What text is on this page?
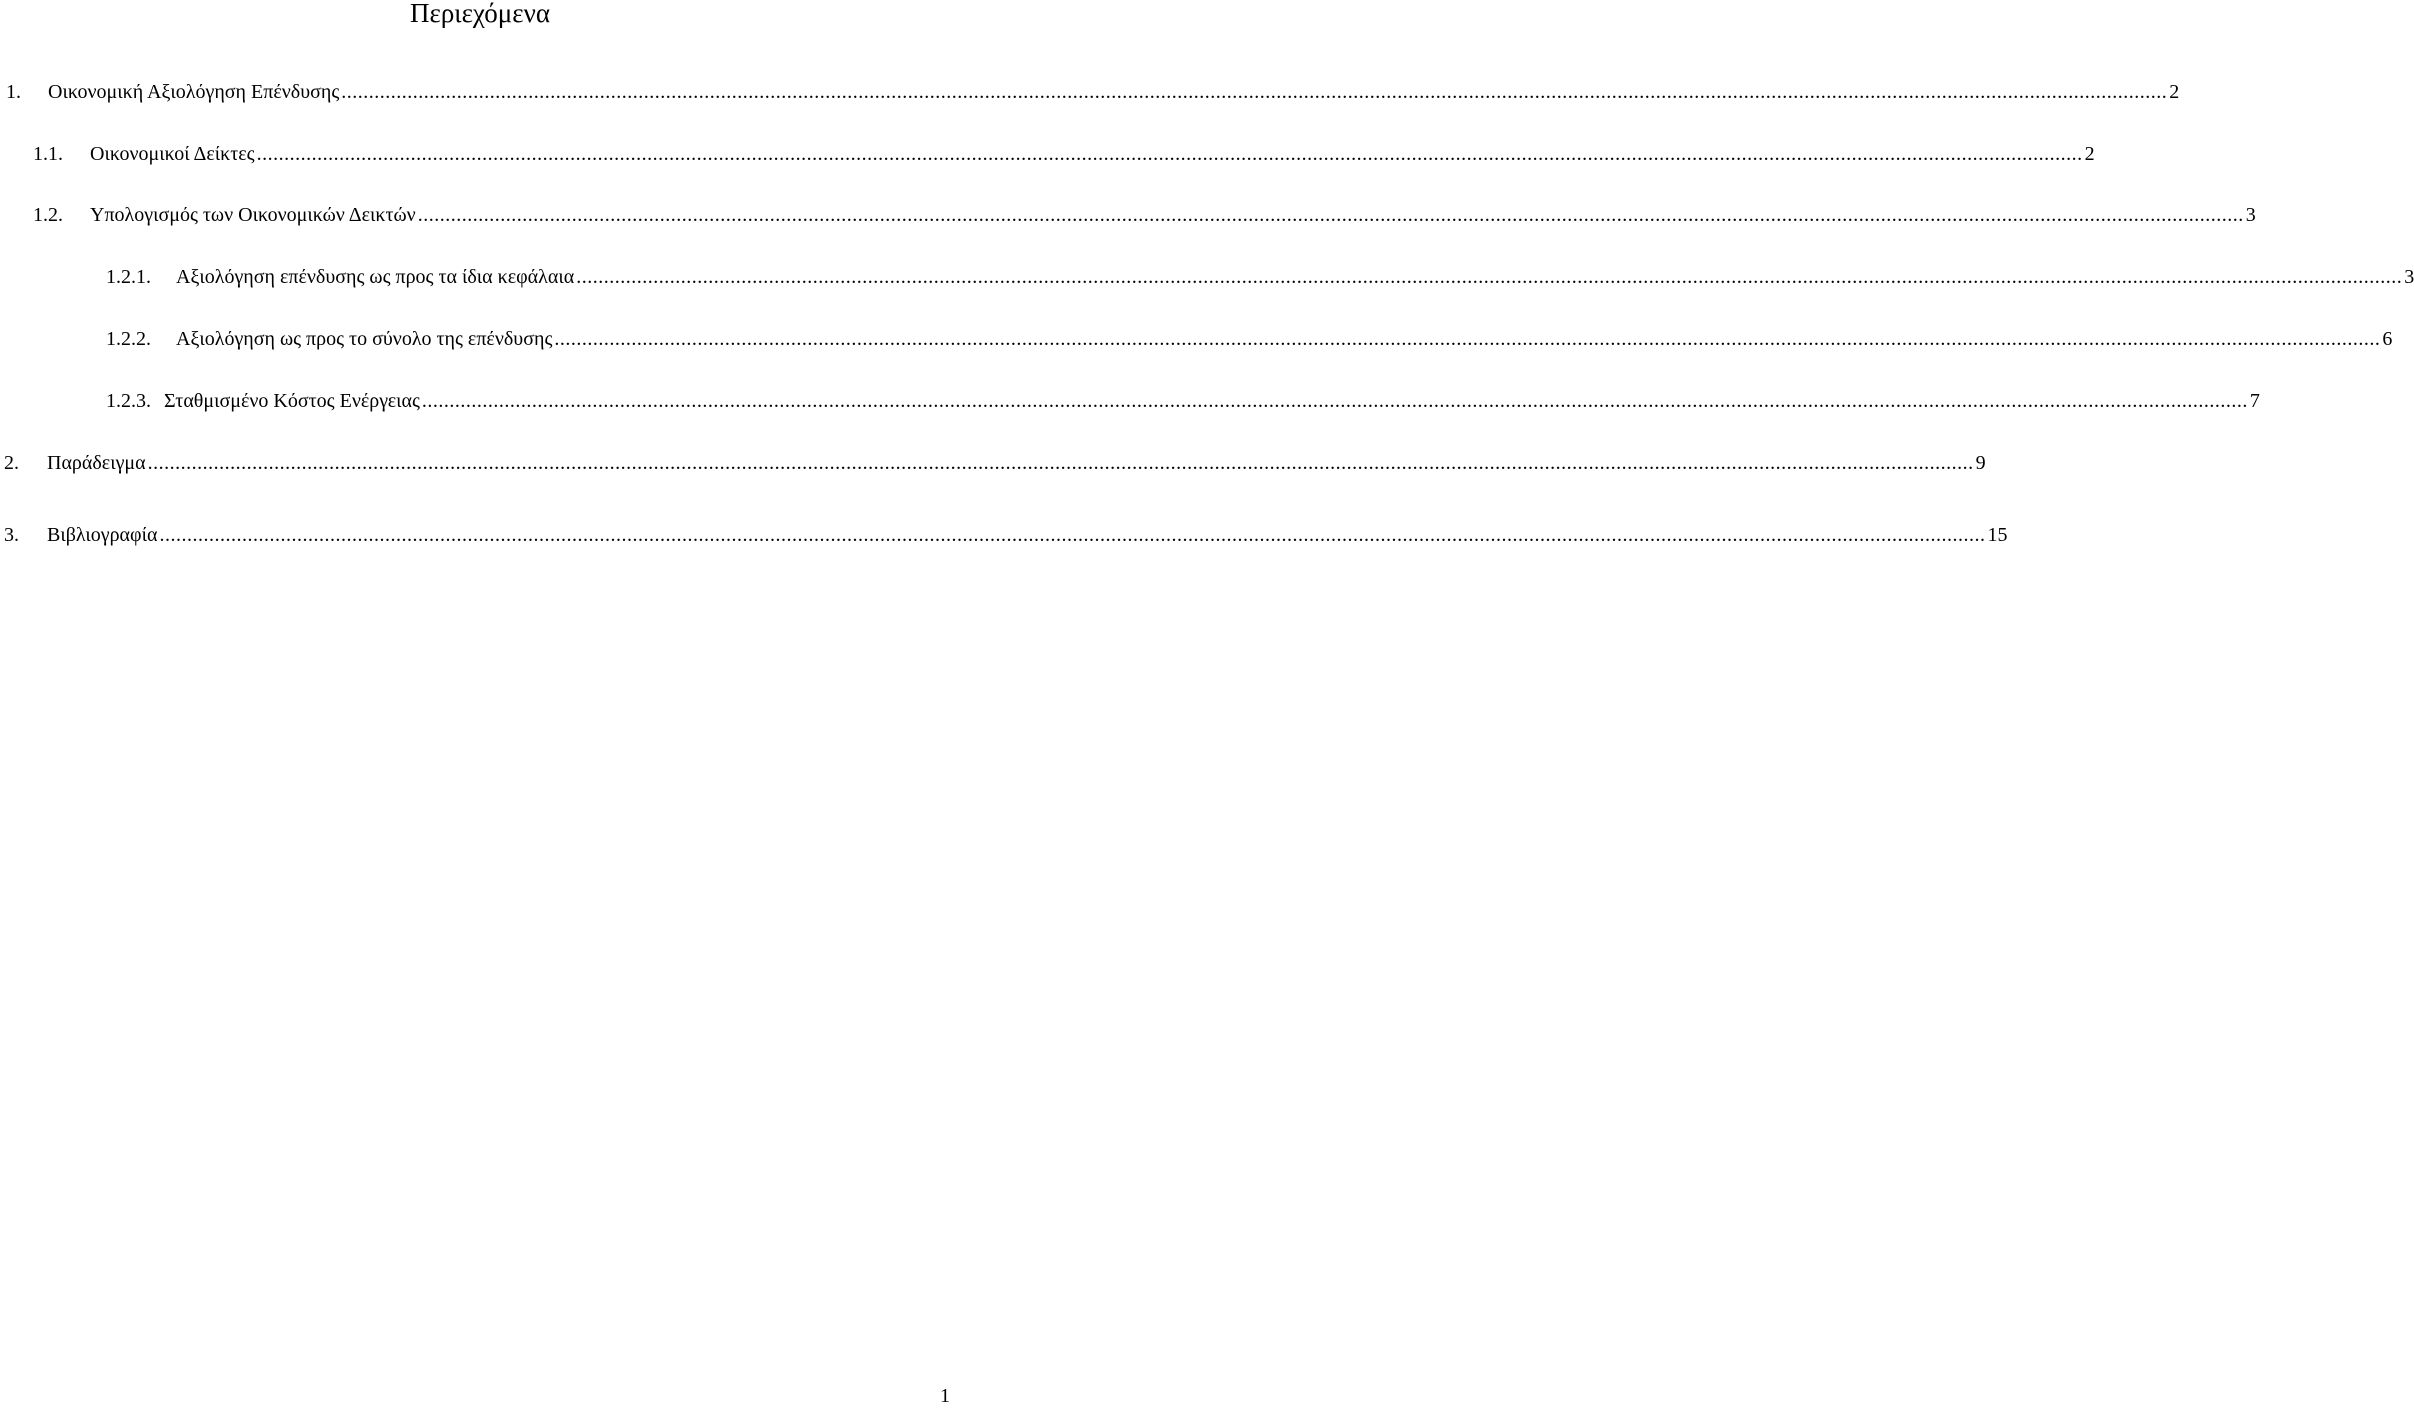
Περιεχόμενα
1.	Οικονομική Αξιολόγηση Επένδυσης .....	2
1.1.	Οικονομικοί Δείκτες .....	2
1.2.	Υπολογισμός των Οικονομικών Δεικτών .....	3
1.2.1.	Αξιολόγηση επένδυσης ως προς τα ίδια κεφάλαια .....	3
1.2.2.	Αξιολόγηση ως προς το σύνολο της επένδυσης .....	6
1.2.3. Σταθμισμένο Κόστος Ενέργειας .....	7
2.	Παράδειγμα .....	9
3.	Βιβλιογραφία .....	15
1
